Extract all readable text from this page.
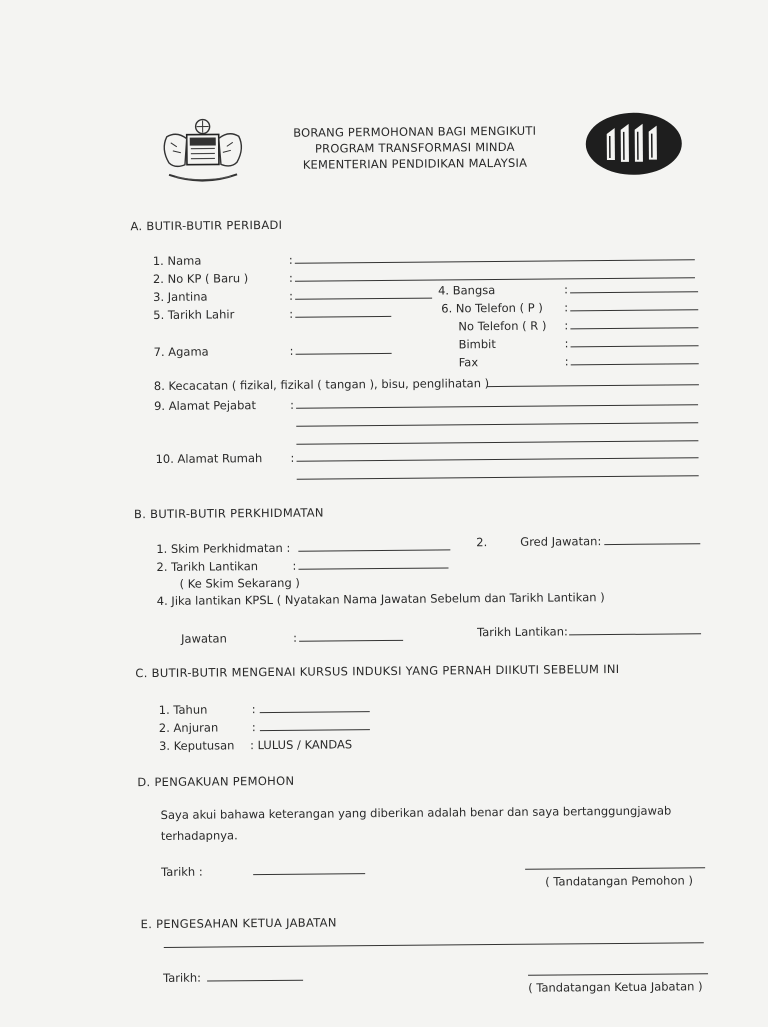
BORANG PERMOHONAN BAGI MENGIKUTI
PROGRAM TRANSFORMASI MINDA
KEMENTERIAN PENDIDIKAN MALAYSIA
A. BUTIR-BUTIR PERIBADI
1. Nama	:
2. No KP ( Baru )	:
3. Jantina	:	4. Bangsa	:
5. Tarikh Lahir	:	6. No Telefon ( P ) :
No Telefon ( R ) :
7. Agama	:	Bimbit	:
Fax	:
8. Kecacatan ( fizikal, fizikal ( tangan ), bisu, penglihatan )
9. Alamat Pejabat	:
10. Alamat Rumah :
B. BUTIR-BUTIR PERKHIDMATAN
1. Skim Perkhidmatan :	2.	Gred Jawatan:
2. Tarikh Lantikan	:
( Ke Skim Sekarang )
4. Jika lantikan KPSL ( Nyatakan Nama Jawatan Sebelum dan Tarikh Lantikan )
Jawatan	:	Tarikh Lantikan:
C. BUTIR-BUTIR MENGENAI KURSUS INDUKSI YANG PERNAH DIIKUTI SEBELUM INI
1. Tahun	:
2. Anjuran	:
3. Keputusan : LULUS / KANDAS
D. PENGAKUAN PEMOHON
Saya akui bahawa keterangan yang diberikan adalah benar dan saya bertanggungjawab
terhadapnya.
Tarikh :
( Tandatangan Pemohon )
E. PENGESAHAN KETUA JABATAN
Tarikh:
( Tandatangan Ketua Jabatan )
